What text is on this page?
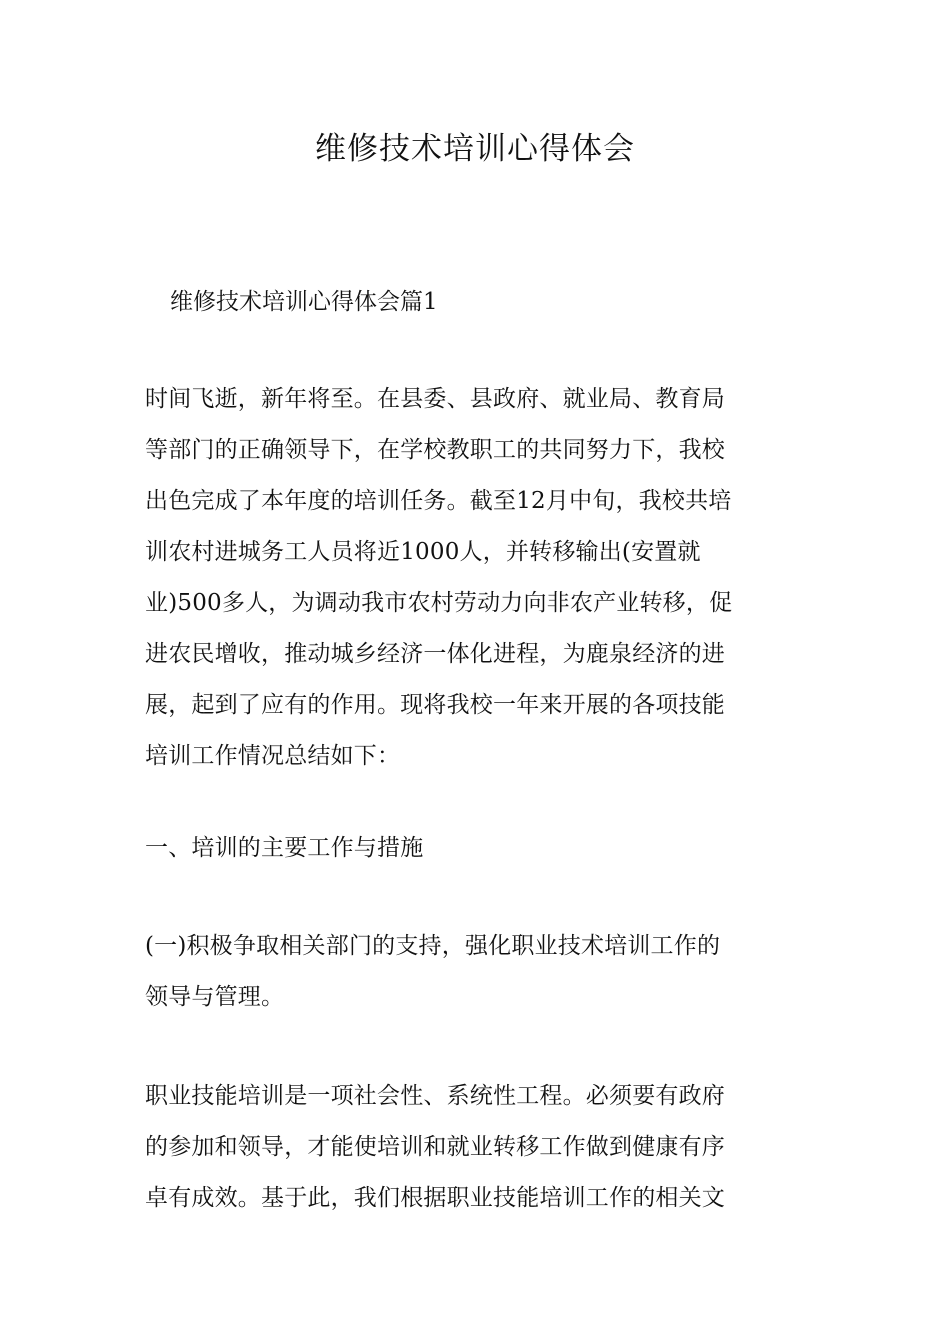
维修技术培训心得体会

维修技术培训心得体会篇1

时间飞逝，新年将至。在县委、县政府、就业局、教育局
等部门的正确领导下，在学校教职工的共同努力下，我校
出色完成了本年度的培训任务。截至12月中旬，我校共培
训农村进城务工人员将近1000人，并转移输出(安置就
业)500多人，为调动我市农村劳动力向非农产业转移，促
进农民增收，推动城乡经济一体化进程，为鹿泉经济的进
展，起到了应有的作用。现将我校一年来开展的各项技能
培训工作情况总结如下：
一、培训的主要工作与措施
(一)积极争取相关部门的支持，强化职业技术培训工作的
领导与管理。
职业技能培训是一项社会性、系统性工程。必须要有政府
的参加和领导，才能使培训和就业转移工作做到健康有序
卓有成效。基于此，我们根据职业技能培训工作的相关文
